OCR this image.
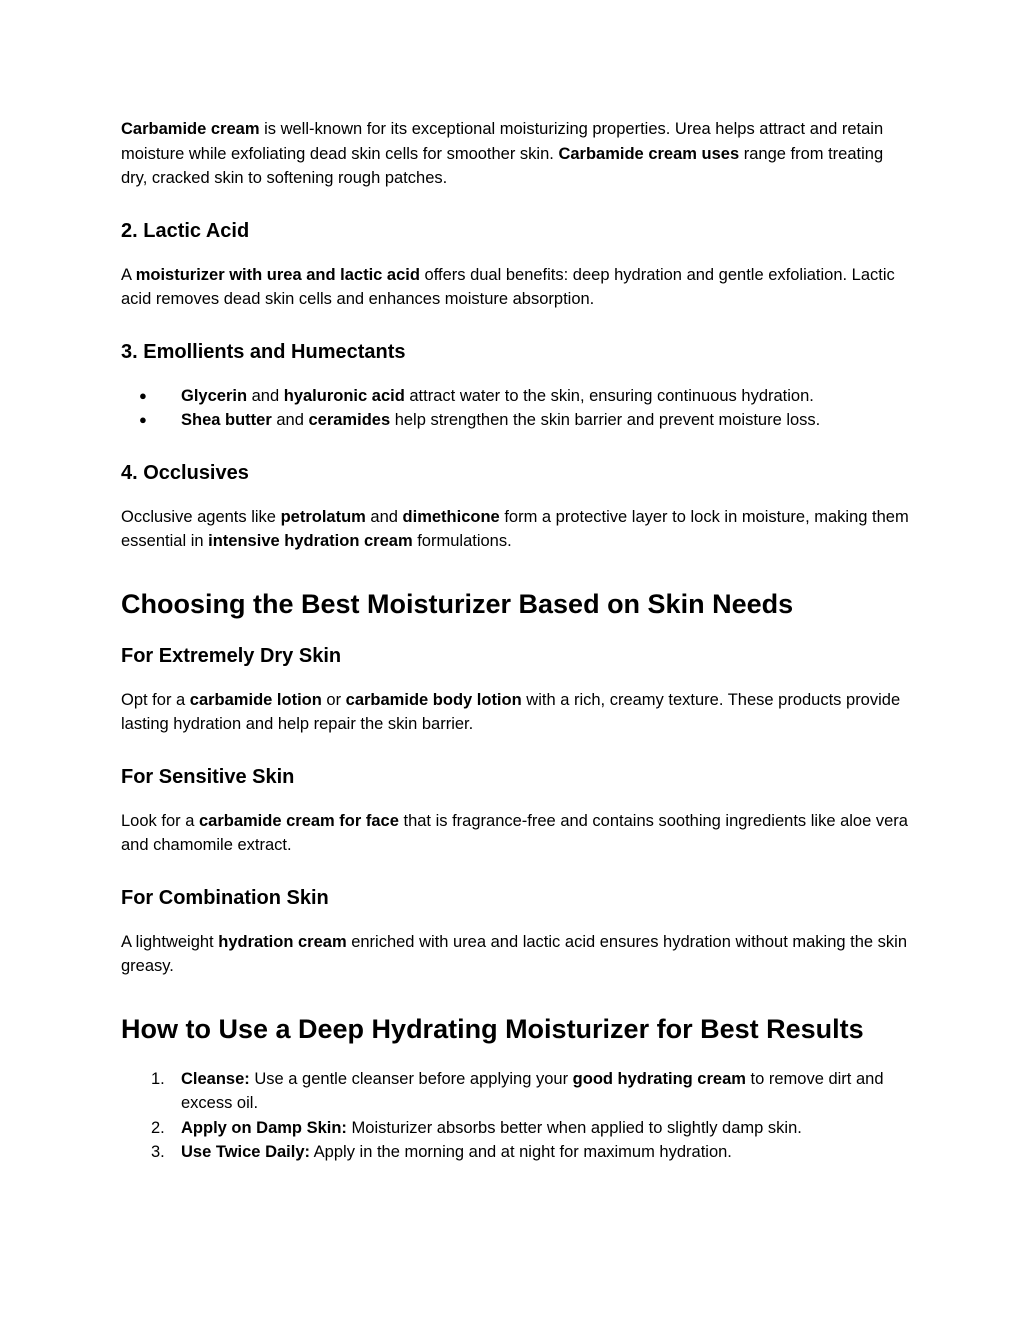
Carbamide cream is well-known for its exceptional moisturizing properties. Urea helps attract and retain moisture while exfoliating dead skin cells for smoother skin. Carbamide cream uses range from treating dry, cracked skin to softening rough patches.

2. Lactic Acid

A moisturizer with urea and lactic acid offers dual benefits: deep hydration and gentle exfoliation. Lactic acid removes dead skin cells and enhances moisture absorption.

3. Emollients and Humectants
● Glycerin and hyaluronic acid attract water to the skin, ensuring continuous hydration.
● Shea butter and ceramides help strengthen the skin barrier and prevent moisture loss.
4. Occlusives

Occlusive agents like petrolatum and dimethicone form a protective layer to lock in moisture, making them essential in intensive hydration cream formulations.

Choosing the Best Moisturizer Based on Skin Needs
For Extremely Dry Skin

Opt for a carbamide lotion or carbamide body lotion with a rich, creamy texture. These products provide lasting hydration and help repair the skin barrier.

For Sensitive Skin

Look for a carbamide cream for face that is fragrance-free and contains soothing ingredients like aloe vera and chamomile extract.

For Combination Skin

A lightweight hydration cream enriched with urea and lactic acid ensures hydration without making the skin greasy.

How to Use a Deep Hydrating Moisturizer for Best Results
1. Cleanse: Use a gentle cleanser before applying your good hydrating cream to remove dirt and excess oil.
2. Apply on Damp Skin: Moisturizer absorbs better when applied to slightly damp skin.
3. Use Twice Daily: Apply in the morning and at night for maximum hydration.
